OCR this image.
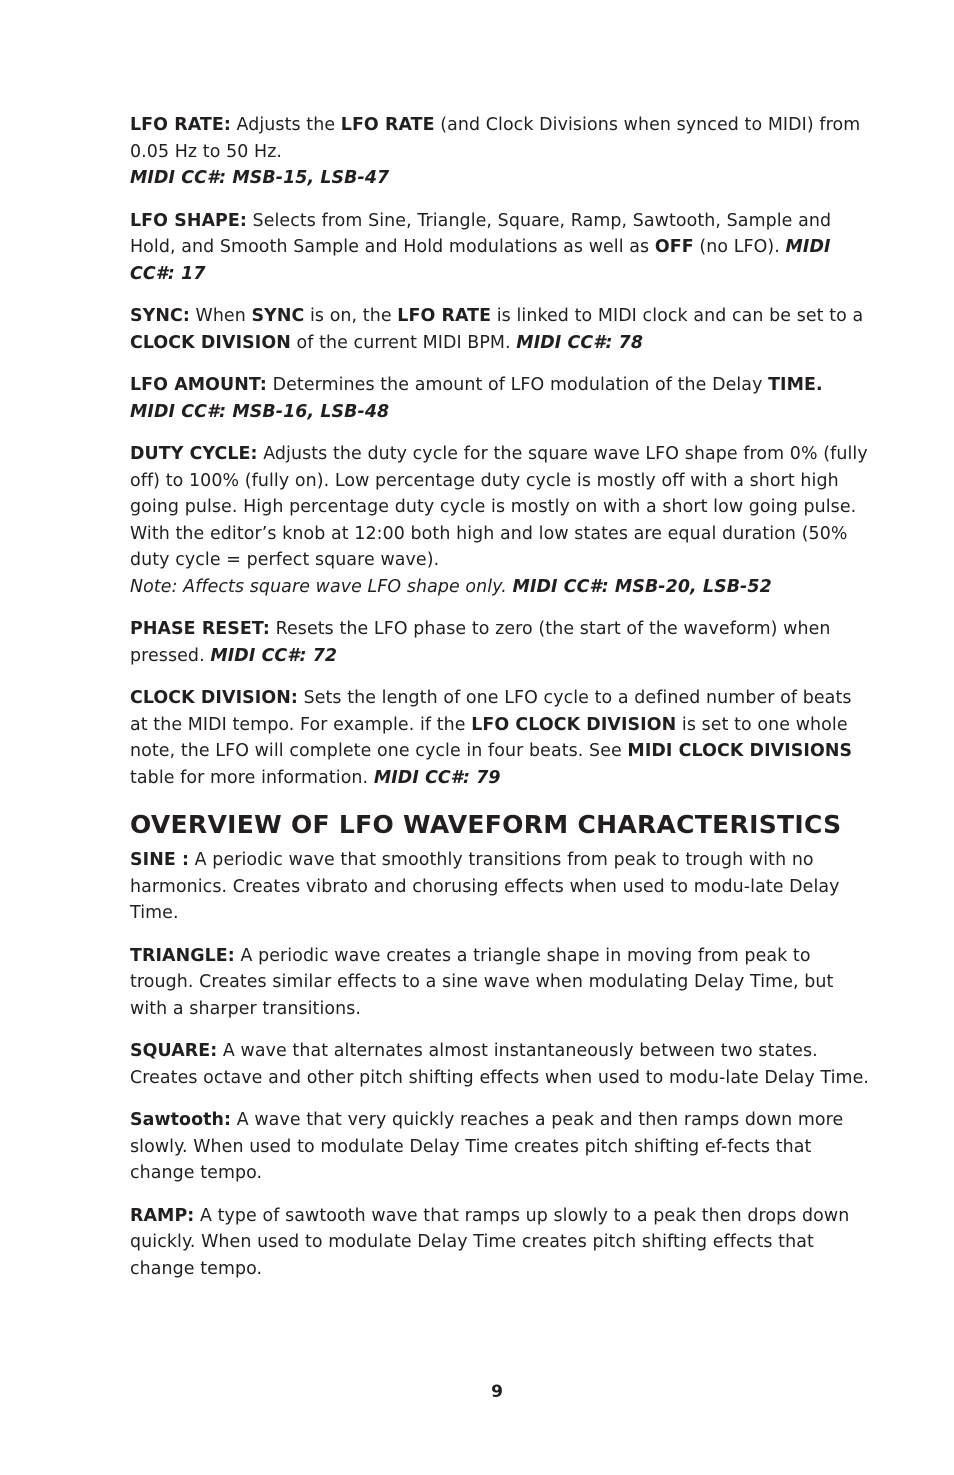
LFO RATE: Adjusts the LFO RATE (and Clock Divisions when synced to MIDI) from 0.05 Hz to 50 Hz.
MIDI CC#: MSB-15, LSB-47

LFO SHAPE: Selects from Sine, Triangle, Square, Ramp, Sawtooth, Sample and Hold, and Smooth Sample and Hold modulations as well as OFF (no LFO). MIDI CC#: 17

SYNC: When SYNC is on, the LFO RATE is linked to MIDI clock and can be set to a CLOCK DIVISION of the current MIDI BPM. MIDI CC#: 78

LFO AMOUNT: Determines the amount of LFO modulation of the Delay TIME. MIDI CC#: MSB-16, LSB-48

DUTY CYCLE: Adjusts the duty cycle for the square wave LFO shape from 0% (fully off) to 100% (fully on). Low percentage duty cycle is mostly off with a short high going pulse. High percentage duty cycle is mostly on with a short low going pulse. With the editor’s knob at 12:00 both high and low states are equal duration (50% duty cycle = perfect square wave).
Note: Affects square wave LFO shape only. MIDI CC#: MSB-20, LSB-52

PHASE RESET: Resets the LFO phase to zero (the start of the waveform) when pressed. MIDI CC#: 72

CLOCK DIVISION: Sets the length of one LFO cycle to a defined number of beats at the MIDI tempo. For example. if the LFO CLOCK DIVISION is set to one whole note, the LFO will complete one cycle in four beats. See MIDI CLOCK DIVISIONS table for more information. MIDI CC#: 79

OVERVIEW OF LFO WAVEFORM CHARACTERISTICS

SINE : A periodic wave that smoothly transitions from peak to trough with no harmonics. Creates vibrato and chorusing effects when used to modu-late Delay Time.

TRIANGLE: A periodic wave creates a triangle shape in moving from peak to trough. Creates similar effects to a sine wave when modulating Delay Time, but with a sharper transitions.

SQUARE: A wave that alternates almost instantaneously between two states. Creates octave and other pitch shifting effects when used to modu-late Delay Time.

Sawtooth: A wave that very quickly reaches a peak and then ramps down more slowly. When used to modulate Delay Time creates pitch shifting ef-fects that change tempo.

RAMP: A type of sawtooth wave that ramps up slowly to a peak then drops down quickly. When used to modulate Delay Time creates pitch shifting effects that change tempo.

9
